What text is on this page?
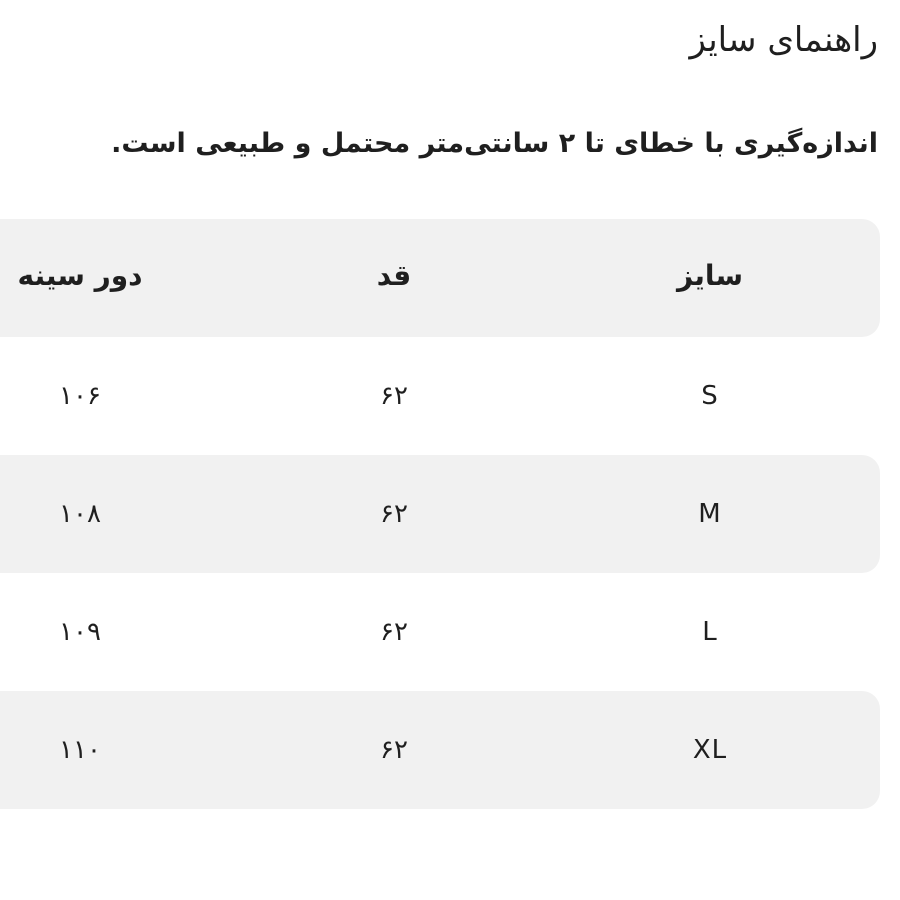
راهنمای سایز
اندازه‌گیری با خطای تا ۲ سانتی‌متر محتمل و طبیعی است.
سایز
قد
دور سینه
S
۶۲
۱۰۶
M
۶۲
۱۰۸
L
۶۲
۱۰۹
XL
۶۲
۱۱۰
